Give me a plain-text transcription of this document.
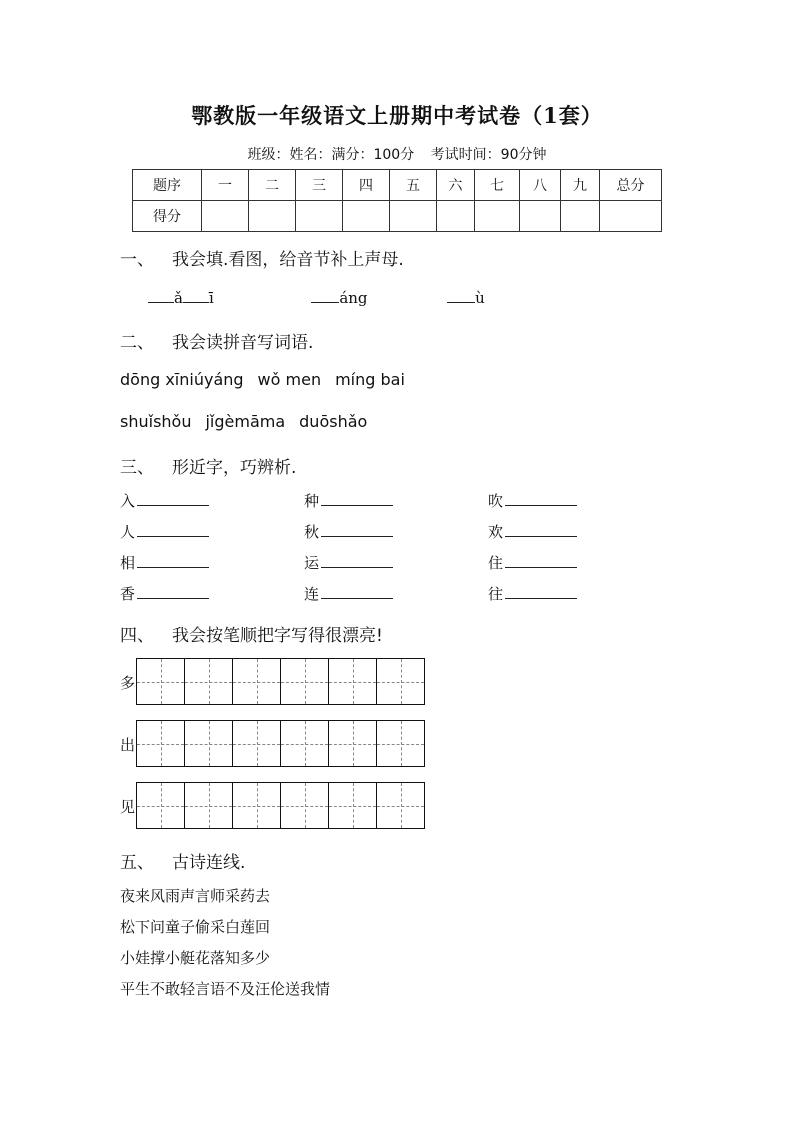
鄂教版一年级语文上册期中考试卷（1套）
班级：姓名：满分：100分 考试时间：90分钟
题序	一	二	三	四	五	六	七	八	九	总分
得分										
一、 我会填.看图，给音节补上声母.
ǎ ī	áng	ù
二、 我会读拼音写词语.
dōng xīniúyáng wǒ men míng bai
shuǐshǒu jǐgèmāma duōshǎo
三、 形近字，巧辨析.
入	种	吹
人	秋	欢
相	运	住
香	连	往
四、 我会按笔顺把字写得很漂亮!
多
出
见
五、 古诗连线.
夜来风雨声言师采药去
松下问童子偷采白莲回
小娃撑小艇花落知多少
平生不敢轻言语不及汪伦送我情
